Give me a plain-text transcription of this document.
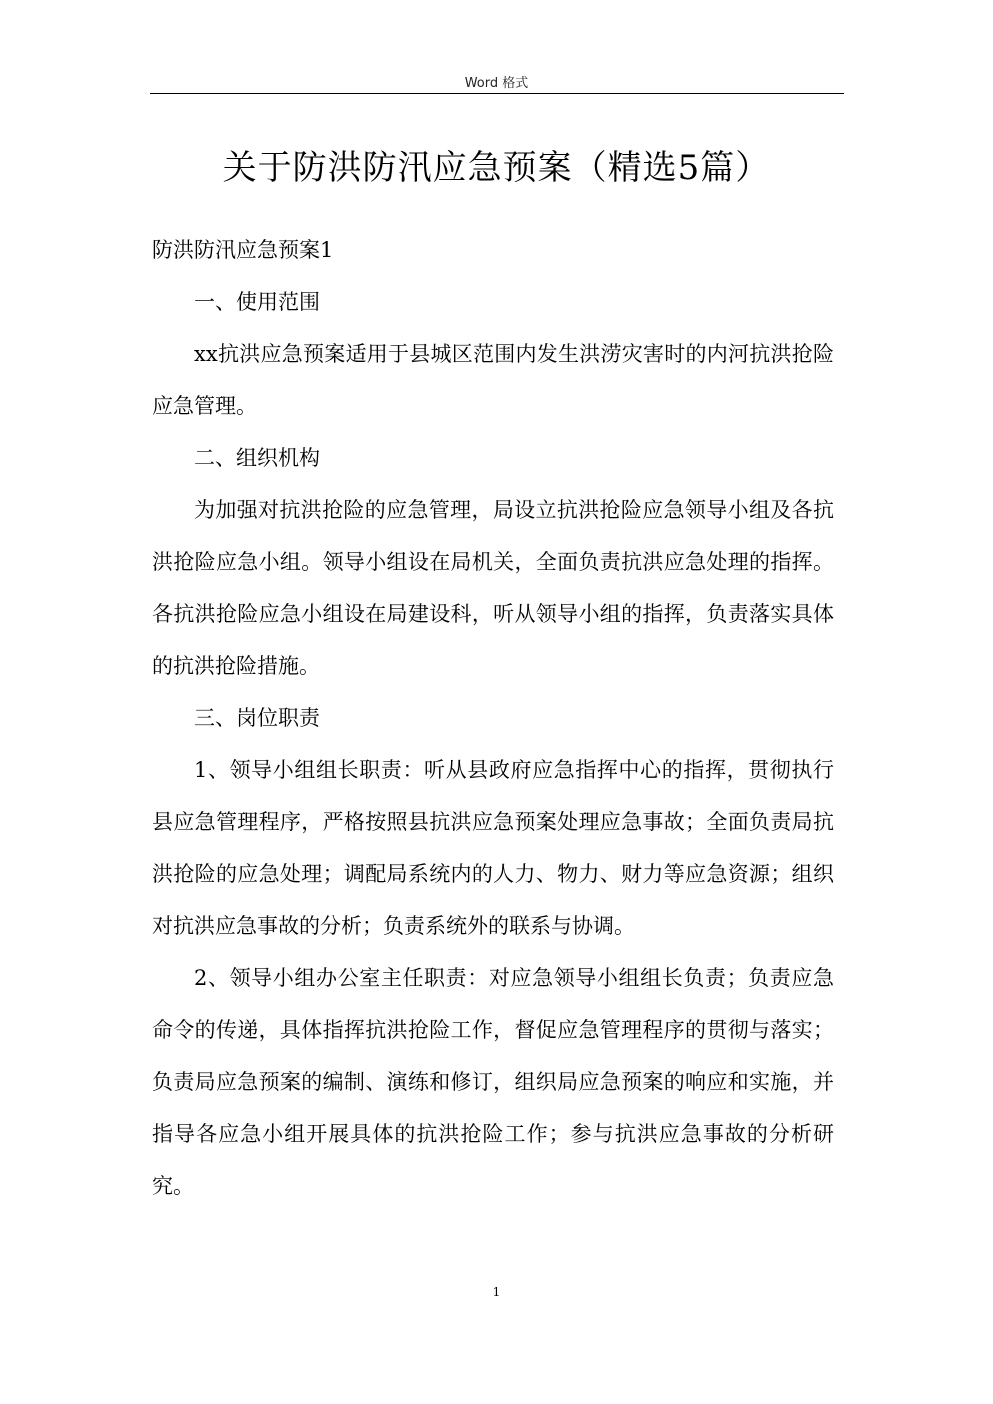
Word 格式
关于防洪防汛应急预案（精选5篇）

防洪防汛应急预案1

一、使用范围

xx抗洪应急预案适用于县城区范围内发生洪涝灾害时的内河抗洪抢险应急管理。

二、组织机构

为加强对抗洪抢险的应急管理，局设立抗洪抢险应急领导小组及各抗洪抢险应急小组。领导小组设在局机关，全面负责抗洪应急处理的指挥。各抗洪抢险应急小组设在局建设科，听从领导小组的指挥，负责落实具体的抗洪抢险措施。

三、岗位职责

1、领导小组组长职责：听从县政府应急指挥中心的指挥，贯彻执行县应急管理程序，严格按照县抗洪应急预案处理应急事故；全面负责局抗洪抢险的应急处理；调配局系统内的人力、物力、财力等应急资源；组织对抗洪应急事故的分析；负责系统外的联系与协调。

2、领导小组办公室主任职责：对应急领导小组组长负责；负责应急命令的传递，具体指挥抗洪抢险工作，督促应急管理程序的贯彻与落实；负责局应急预案的编制、演练和修订，组织局应急预案的响应和实施，并指导各应急小组开展具体的抗洪抢险工作；参与抗洪应急事故的分析研究。

1
